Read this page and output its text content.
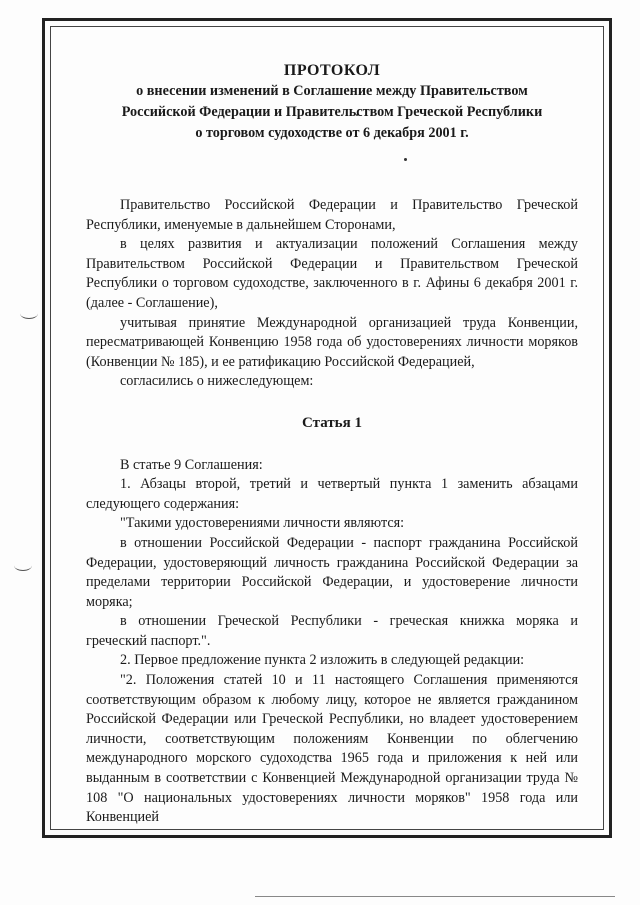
ПРОТОКОЛ

о внесении изменений в Соглашение между Правительством

Российской Федерации и Правительством Греческой Республики

о торговом судоходстве от 6 декабря 2001 г.

Правительство Российской Федерации и Правительство Греческой Республики, именуемые в дальнейшем Сторонами,

в целях развития и актуализации положений Соглашения между Правительством Российской Федерации и Правительством Греческой Республики о торговом судоходстве, заключенного в г. Афины 6 декабря 2001 г. (далее - Соглашение),

учитывая принятие Международной организацией труда Конвенции, пересматривающей Конвенцию 1958 года об удостоверениях личности моряков (Конвенции № 185), и ее ратификацию Российской Федерацией,

согласились о нижеследующем:

Статья 1

В статье 9 Соглашения:

1. Абзацы второй, третий и четвертый пункта 1 заменить абзацами следующего содержания:

"Такими удостоверениями личности являются:

в отношении Российской Федерации - паспорт гражданина Российской Федерации, удостоверяющий личность гражданина Российской Федерации за пределами территории Российской Федерации, и удостоверение личности моряка;

в отношении Греческой Республики - греческая книжка моряка и греческий паспорт.".

2. Первое предложение пункта 2 изложить в следующей редакции:

"2. Положения статей 10 и 11 настоящего Соглашения применяются соответствующим образом к любому лицу, которое не является гражданином Российской Федерации или Греческой Республики, но владеет удостоверением личности, соответствующим положениям Конвенции по облегчению международного морского судоходства 1965 года и приложения к ней или выданным в соответствии с Конвенцией Международной организации труда № 108 "О национальных удостоверениях личности моряков" 1958 года или Конвенцией
